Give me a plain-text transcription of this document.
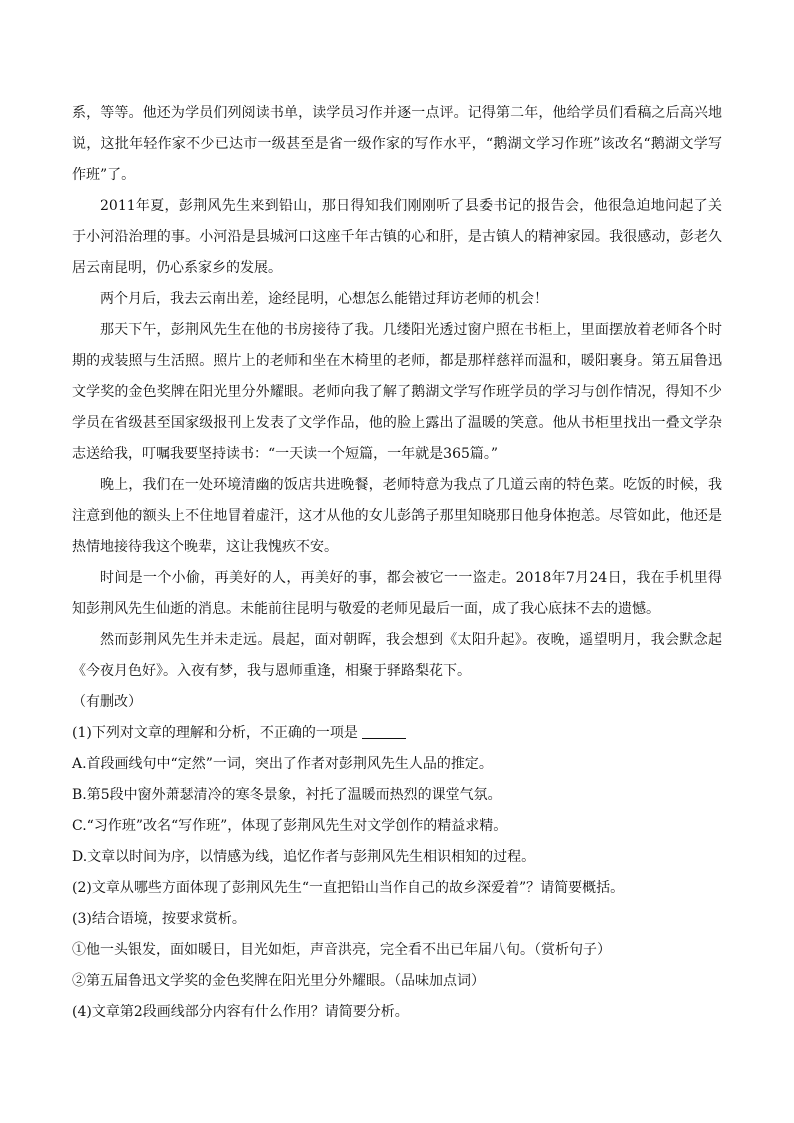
系，等等。他还为学员们列阅读书单，读学员习作并逐一点评。记得第二年，他给学员们看稿之后高兴地说，这批年轻作家不少已达市一级甚至是省一级作家的写作水平，“鹅湖文学习作班”该改名“鹅湖文学写作班”了。

2011年夏，彭荆风先生来到铅山，那日得知我们刚刚听了县委书记的报告会，他很急迫地问起了关于小河沿治理的事。小河沿是县城河口这座千年古镇的心和肝，是古镇人的精神家园。我很感动，彭老久居云南昆明，仍心系家乡的发展。

两个月后，我去云南出差，途经昆明，心想怎么能错过拜访老师的机会！

那天下午，彭荆风先生在他的书房接待了我。几缕阳光透过窗户照在书柜上，里面摆放着老师各个时期的戎装照与生活照。照片上的老师和坐在木椅里的老师，都是那样慈祥而温和，暖阳裹身。第五届鲁迅文学奖的金色奖牌在阳光里分外耀眼。老师向我了解了鹅湖文学写作班学员的学习与创作情况，得知不少学员在省级甚至国家级报刊上发表了文学作品，他的脸上露出了温暖的笑意。他从书柜里找出一叠文学杂志送给我，叮嘱我要坚持读书：“一天读一个短篇，一年就是365篇。”

晚上，我们在一处环境清幽的饭店共进晚餐，老师特意为我点了几道云南的特色菜。吃饭的时候，我注意到他的额头上不住地冒着虚汗，这才从他的女儿彭鸽子那里知晓那日他身体抱恙。尽管如此，他还是热情地接待我这个晚辈，这让我愧疚不安。

时间是一个小偷，再美好的人，再美好的事，都会被它一一盗走。2018年7月24日，我在手机里得知彭荆风先生仙逝的消息。未能前往昆明与敬爱的老师见最后一面，成了我心底抹不去的遗憾。

然而彭荆风先生并未走远。晨起，面对朝晖，我会想到《太阳升起》。夜晚，遥望明月，我会默念起《今夜月色好》。入夜有梦，我与恩师重逢，相聚于驿路梨花下。

（有删改）

(1)下列对文章的理解和分析，不正确的一项是

A.首段画线句中“定然”一词，突出了作者对彭荆风先生人品的推定。

B.第5段中窗外萧瑟清冷的寒冬景象，衬托了温暖而热烈的课堂气氛。

C.“习作班”改名“写作班”，体现了彭荆风先生对文学创作的精益求精。

D.文章以时间为序，以情感为线，追忆作者与彭荆风先生相识相知的过程。

(2)文章从哪些方面体现了彭荆风先生“一直把铅山当作自己的故乡深爱着”？请简要概括。

(3)结合语境，按要求赏析。

①他一头银发，面如暖日，目光如炬，声音洪亮，完全看不出已年届八旬。（赏析句子）

②第五届鲁迅文学奖的金色奖牌在阳光里分外耀眼。（品味加点词）

(4)文章第2段画线部分内容有什么作用？请简要分析。
